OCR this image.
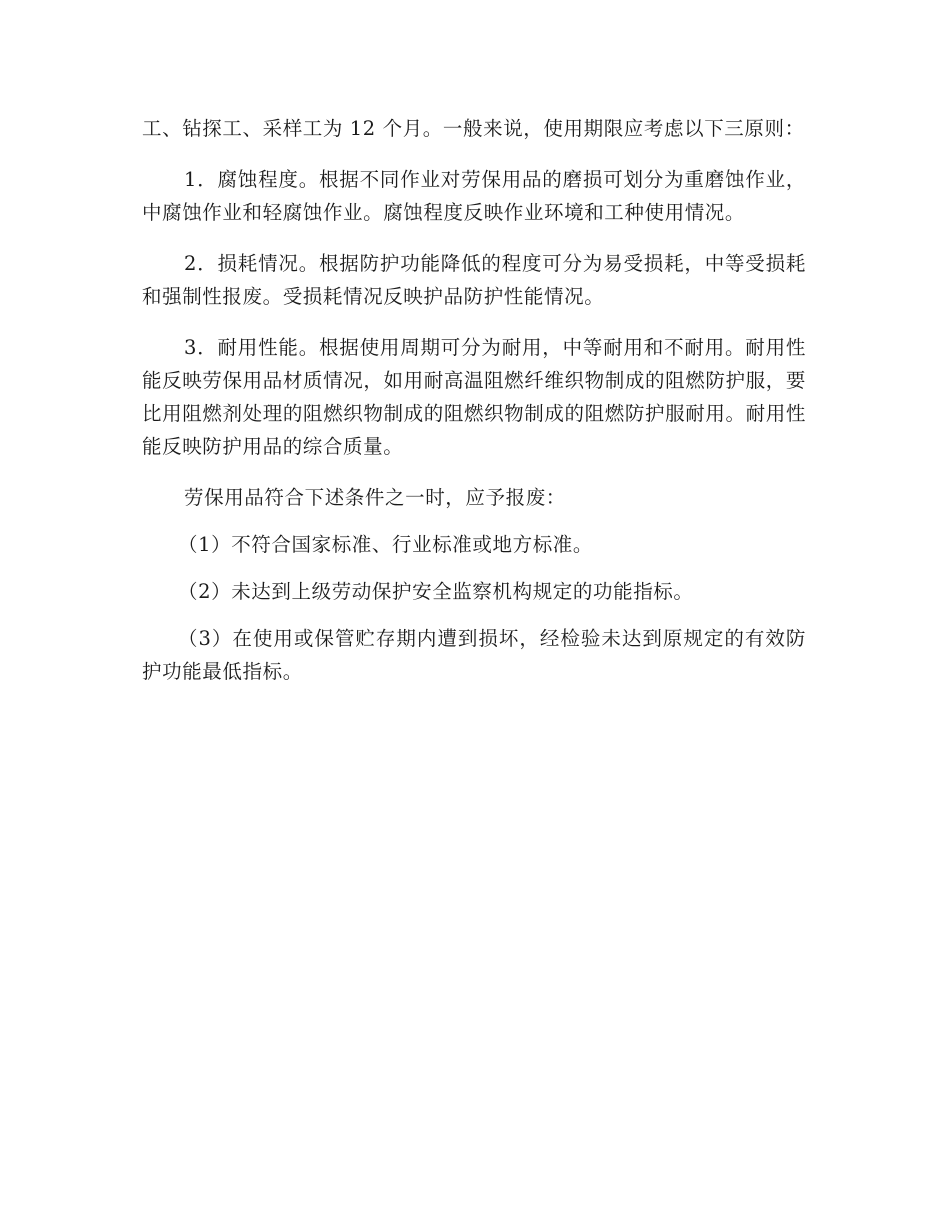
工、钻探工、采样工为 12 个月。一般来说，使用期限应考虑以下三原则：

1．腐蚀程度。根据不同作业对劳保用品的磨损可划分为重磨蚀作业，中腐蚀作业和轻腐蚀作业。腐蚀程度反映作业环境和工种使用情况。

2．损耗情况。根据防护功能降低的程度可分为易受损耗，中等受损耗和强制性报废。受损耗情况反映护品防护性能情况。

3．耐用性能。根据使用周期可分为耐用，中等耐用和不耐用。耐用性能反映劳保用品材质情况，如用耐高温阻燃纤维织物制成的阻燃防护服，要比用阻燃剂处理的阻燃织物制成的阻燃织物制成的阻燃防护服耐用。耐用性能反映防护用品的综合质量。

劳保用品符合下述条件之一时，应予报废：

（1）不符合国家标准、行业标准或地方标准。

（2）未达到上级劳动保护安全监察机构规定的功能指标。

（3）在使用或保管贮存期内遭到损坏，经检验未达到原规定的有效防护功能最低指标。
